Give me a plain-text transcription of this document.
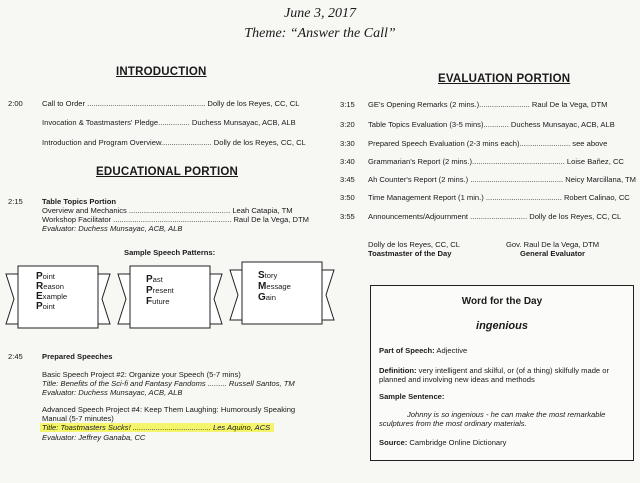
June 3, 2017
Theme: “Answer the Call”
INTRODUCTION
2:00	Call to Order ........................................................ Dolly de los Reyes, CC, CL
Invocation & Toastmasters' Pledge............... Duchess Munsayac, ACB, ALB
Introduction and Program Overview........................ Dolly de los Reyes, CC, CL
EDUCATIONAL PORTION
2:15	Table Topics Portion
Overview and Mechanics ................................................ Leah Catapia, TM
Workshop Facilitator ........................................................ Raul De la Vega, DTM
Evaluator: Duchess Munsayac, ACB, ALB
Sample Speech Patterns:
Point
Reason
Example
Point
Past
Present
Future
Story
Message
Gain
2:45	Prepared Speeches
Basic Speech Project #2: Organize your Speech (5-7 mins)
Title: Benefits of the Sci-fi and Fantasy Fandoms ......... Russell Santos, TM
Evaluator: Duchess Munsayac, ACB, ALB
Advanced Speech Project #4: Keep Them Laughing: Humorously Speaking
Manual (5-7 minutes)
Title: Toastmasters Sucks! ..................................... Les Aquino, ACS
Evaluator: Jeffrey Ganaba, CC
EVALUATION PORTION
3:15 GE's Opening Remarks (2 mins.)........................ Raul De la Vega, DTM
3:20 Table Topics Evaluation (3-5 mins)............ Duchess Munsayac, ACB, ALB
3:30 Prepared Speech Evaluation (2-3 mins each)........................ see above
3:40 Grammarian's Report (2 mins.)............................................ Loise Bañez, CC
3:45 Ah Counter's Report (2 mins.) ............................................ Neicy Marcillana, TM
3:50 Time Management Report (1 min.) .................................... Robert Calinao, CC
3:55 Announcements/Adjournment ........................... Dolly de los Reyes, CC, CL
Dolly de los Reyes, CC, CL
Toastmaster of the Day
Gov. Raul De la Vega, DTM
General Evaluator
Word for the Day
ingenious
Part of Speech: Adjective
Definition: very intelligent and skilful, or (of a thing) skilfully made or
planned and involving new ideas and methods
Sample Sentence:
Johnny is so ingenious - he can make the most remarkable
sculptures from the most ordinary materials.
Source: Cambridge Online Dictionary
